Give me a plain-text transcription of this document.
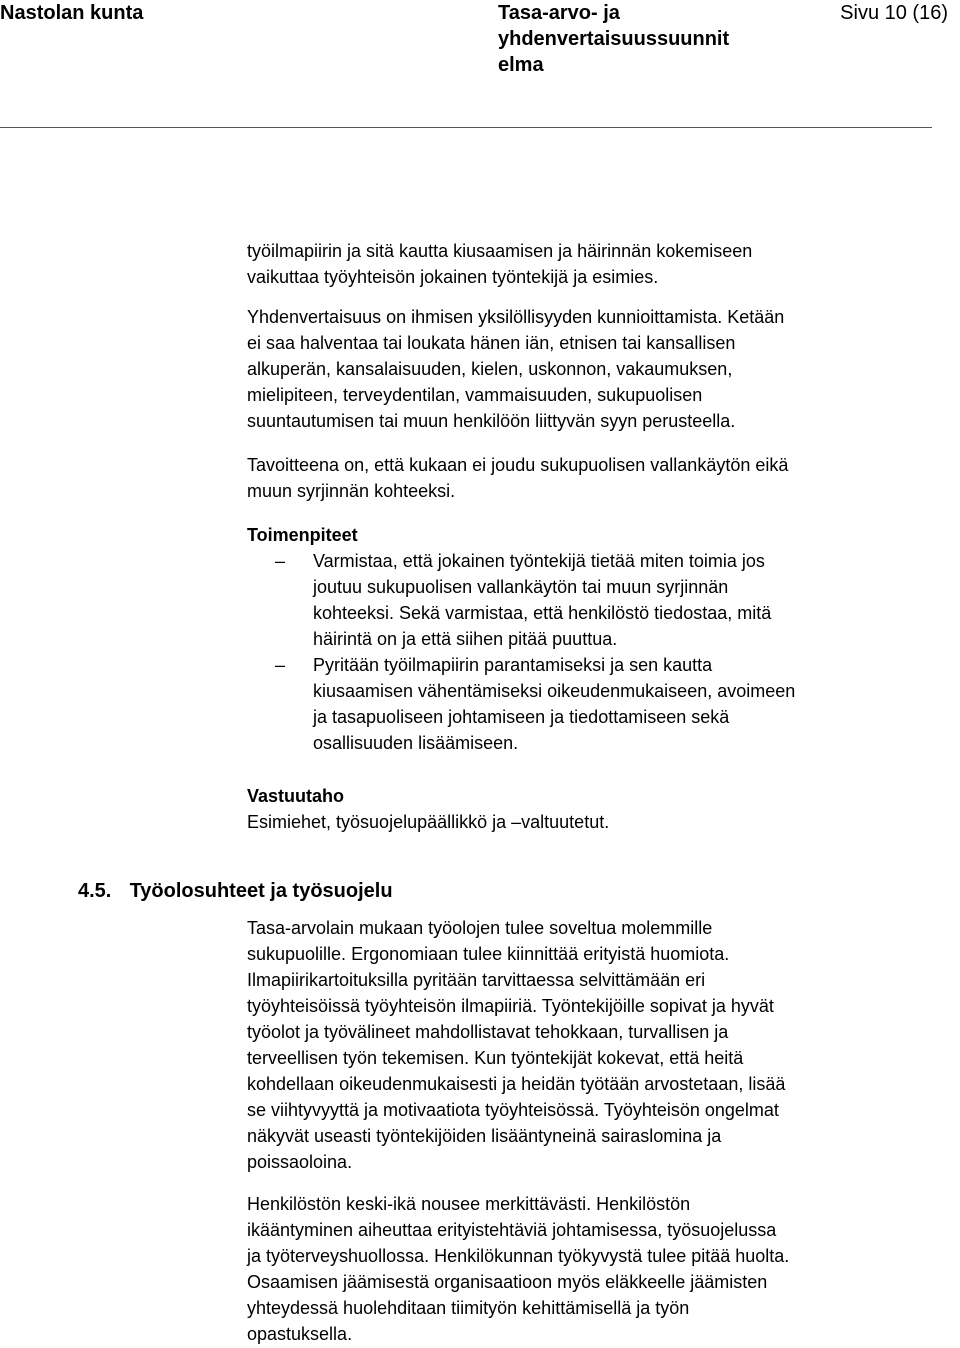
Nastolan kunta	Tasa-arvo- ja
yhdenvertaisuussuunnit
elma
Sivu 10 (16)
työilmapiirin ja sitä kautta kiusaamisen ja häirinnän kokemiseen
vaikuttaa työyhteisön jokainen työntekijä ja esimies.
Yhdenvertaisuus on ihmisen yksilöllisyyden kunnioittamista. Ketään
ei saa halventaa tai loukata hänen iän, etnisen tai kansallisen
alkuperän, kansalaisuuden, kielen, uskonnon, vakaumuksen,
mielipiteen, terveydentilan, vammaisuuden, sukupuolisen
suuntautumisen tai muun henkilöön liittyvän syyn perusteella.
Tavoitteena on, että kukaan ei joudu sukupuolisen vallankäytön eikä
muun syrjinnän kohteeksi.
Toimenpiteet
– Varmistaa, että jokainen työntekijä tietää miten toimia jos
joutuu sukupuolisen vallankäytön tai muun syrjinnän
kohteeksi. Sekä varmistaa, että henkilöstö tiedostaa, mitä
häirintä on ja että siihen pitää puuttua.
– Pyritään työilmapiirin parantamiseksi ja sen kautta
kiusaamisen vähentämiseksi oikeudenmukaiseen, avoimeen
ja tasapuoliseen johtamiseen ja tiedottamiseen sekä
osallisuuden lisäämiseen.
Vastuutaho
Esimiehet, työsuojelupäällikkö ja –valtuutetut.
4.5. Työolosuhteet ja työsuojelu
Tasa-arvolain mukaan työolojen tulee soveltua molemmille
sukupuolille. Ergonomiaan tulee kiinnittää erityistä huomiota.
Ilmapiirikartoituksilla pyritään tarvittaessa selvittämään eri
työyhteisöissä työyhteisön ilmapiiriä. Työntekijöille sopivat ja hyvät
työolot ja työvälineet mahdollistavat tehokkaan, turvallisen ja
terveellisen työn tekemisen. Kun työntekijät kokevat, että heitä
kohdellaan oikeudenmukaisesti ja heidän työtään arvostetaan, lisää
se viihtyvyyttä ja motivaatiota työyhteisössä. Työyhteisön ongelmat
näkyvät useasti työntekijöiden lisääntyneinä sairaslomina ja
poissaoloina.
Henkilöstön keski-ikä nousee merkittävästi. Henkilöstön
ikääntyminen aiheuttaa erityistehtäviä johtamisessa, työsuojelussa
ja työterveyshuollossa. Henkilökunnan työkyvystä tulee pitää huolta.
Osaamisen jäämisestä organisaatioon myös eläkkeelle jäämisten
yhteydessä huolehditaan tiimityön kehittämisellä ja työn
opastuksella.
